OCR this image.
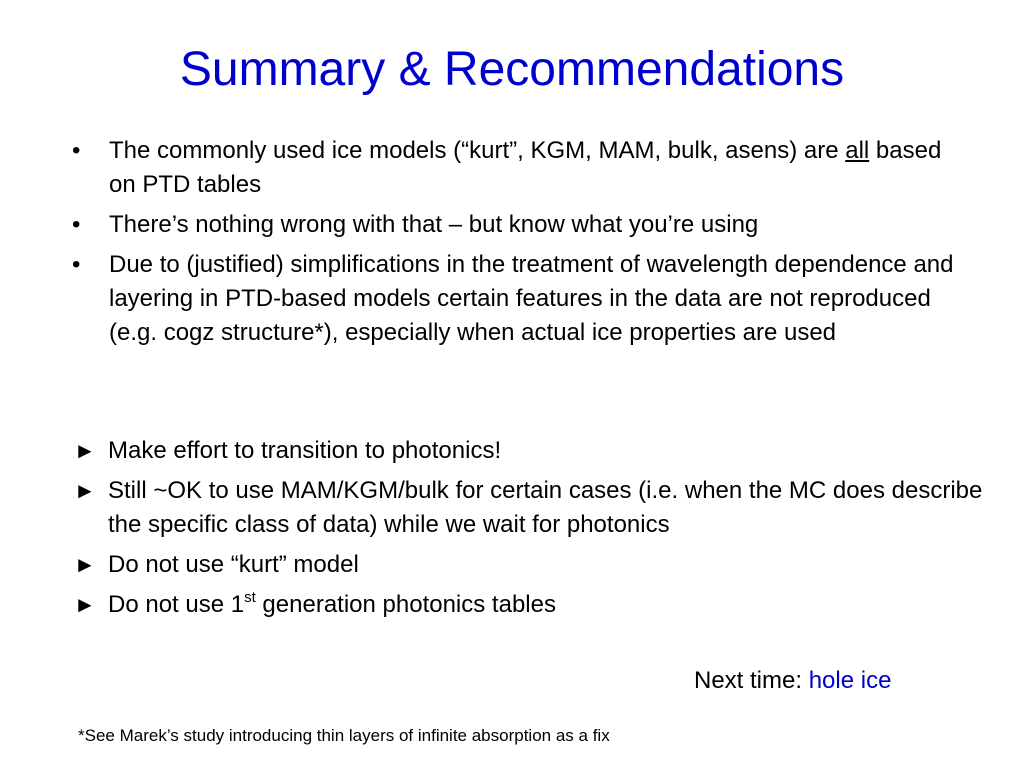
Summary & Recommendations
• The commonly used ice models (“kurt”, KGM, MAM, bulk, asens) are all based on PTD tables
• There’s nothing wrong with that – but know what you’re using
• Due to (justified) simplifications in the treatment of wavelength dependence and layering in PTD-based models certain features in the data are not reproduced (e.g. cogz structure*), especially when actual ice properties are used
► Make effort to transition to photonics!
► Still ~OK to use MAM/KGM/bulk for certain cases (i.e. when the MC does describe the specific class of data) while we wait for photonics
► Do not use “kurt” model
► Do not use 1st generation photonics tables
Next time: hole ice
*See Marek’s study introducing thin layers of infinite absorption as a fix
